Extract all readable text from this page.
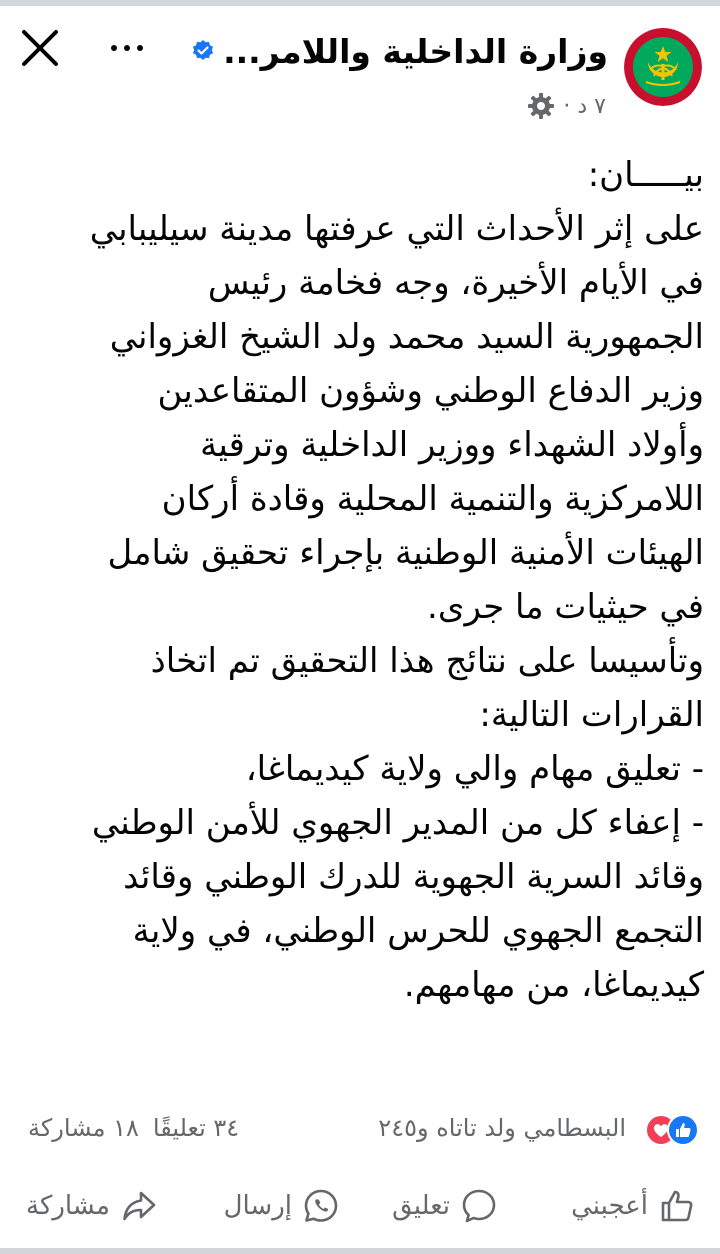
وزارة الداخلية واللامر...
٧ د ·
بيـــــان:
على إثر الأحداث التي عرفتها مدينة سيليبابي
في الأيام الأخيرة، وجه فخامة رئيس
الجمهورية السيد محمد ولد الشيخ الغزواني
وزير الدفاع الوطني وشؤون المتقاعدين
وأولاد الشهداء ووزير الداخلية وترقية
اللامركزية والتنمية المحلية وقادة أركان
الهيئات الأمنية الوطنية بإجراء تحقيق شامل
في حيثيات ما جرى.
وتأسيسا على نتائج هذا التحقيق تم اتخاذ
القرارات التالية:
- تعليق مهام والي ولاية كيديماغا،
- إعفاء كل من المدير الجهوي للأمن الوطني
وقائد السرية الجهوية للدرك الوطني وقائد
التجمع الجهوي للحرس الوطني، في ولاية
كيديماغا، من مهامهم.
البسطامي ولد تاتاه و٢٤٥
٣٤ تعليقًا
١٨ مشاركة
أعجبني
تعليق
إرسال
مشاركة
